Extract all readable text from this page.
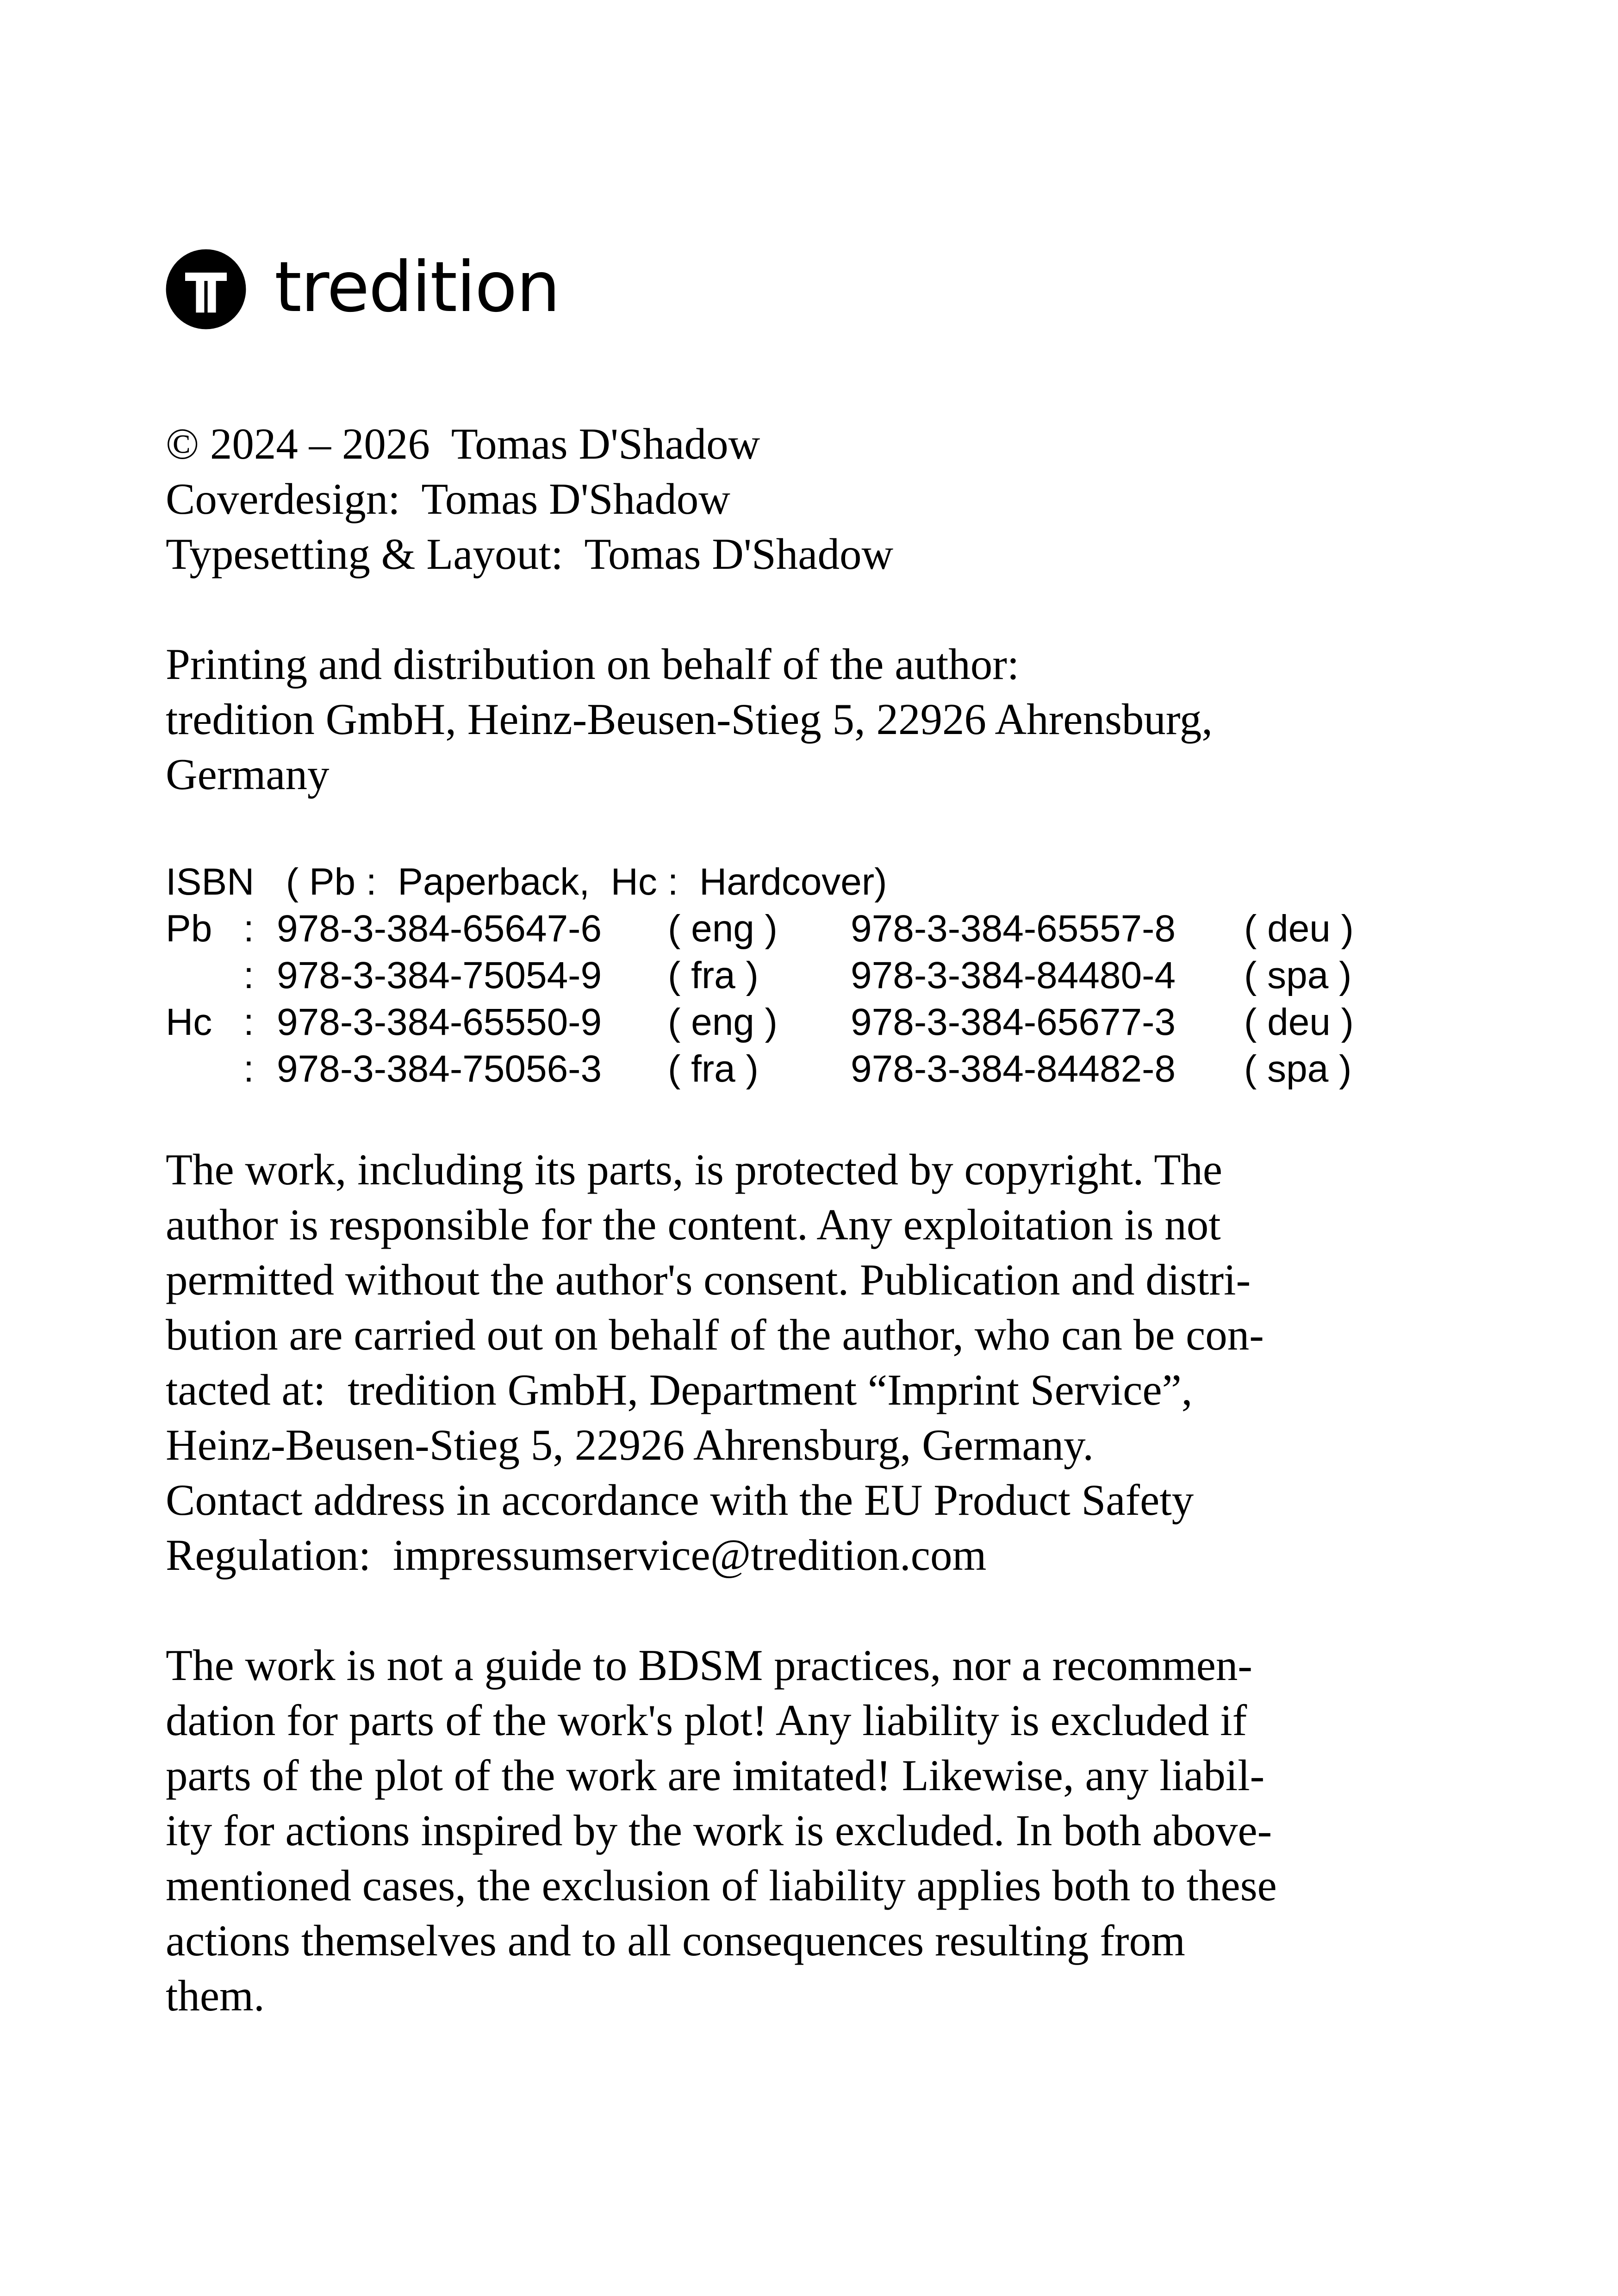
tredition
© 2024 – 2026  Tomas D'Shadow
Coverdesign:  Tomas D'Shadow
Typesetting & Layout:  Tomas D'Shadow
Printing and distribution on behalf of the author:
tredition GmbH, Heinz-Beusen-Stieg 5, 22926 Ahrensburg,
Germany
ISBN   ( Pb :  Paperback,  Hc :  Hardcover)
Pb : 978-3-384-65647-6 ( eng ) 978-3-384-65557-8 ( deu )
: 978-3-384-75054-9 ( fra ) 978-3-384-84480-4 ( spa )
Hc : 978-3-384-65550-9 ( eng ) 978-3-384-65677-3 ( deu )
: 978-3-384-75056-3 ( fra ) 978-3-384-84482-8 ( spa )
The work, including its parts, is protected by copyright. The
author is responsible for the content. Any exploitation is not
permitted without the author's consent. Publication and distri-
bution are carried out on behalf of the author, who can be con-
tacted at:  tredition GmbH, Department “Imprint Service”,
Heinz-Beusen-Stieg 5, 22926 Ahrensburg, Germany.
Contact address in accordance with the EU Product Safety
Regulation:  impressumservice@tredition.com
The work is not a guide to BDSM practices, nor a recommen-
dation for parts of the work's plot! Any liability is excluded if
parts of the plot of the work are imitated! Likewise, any liabil-
ity for actions inspired by the work is excluded. In both above-
mentioned cases, the exclusion of liability applies both to these
actions themselves and to all consequences resulting from
them.
